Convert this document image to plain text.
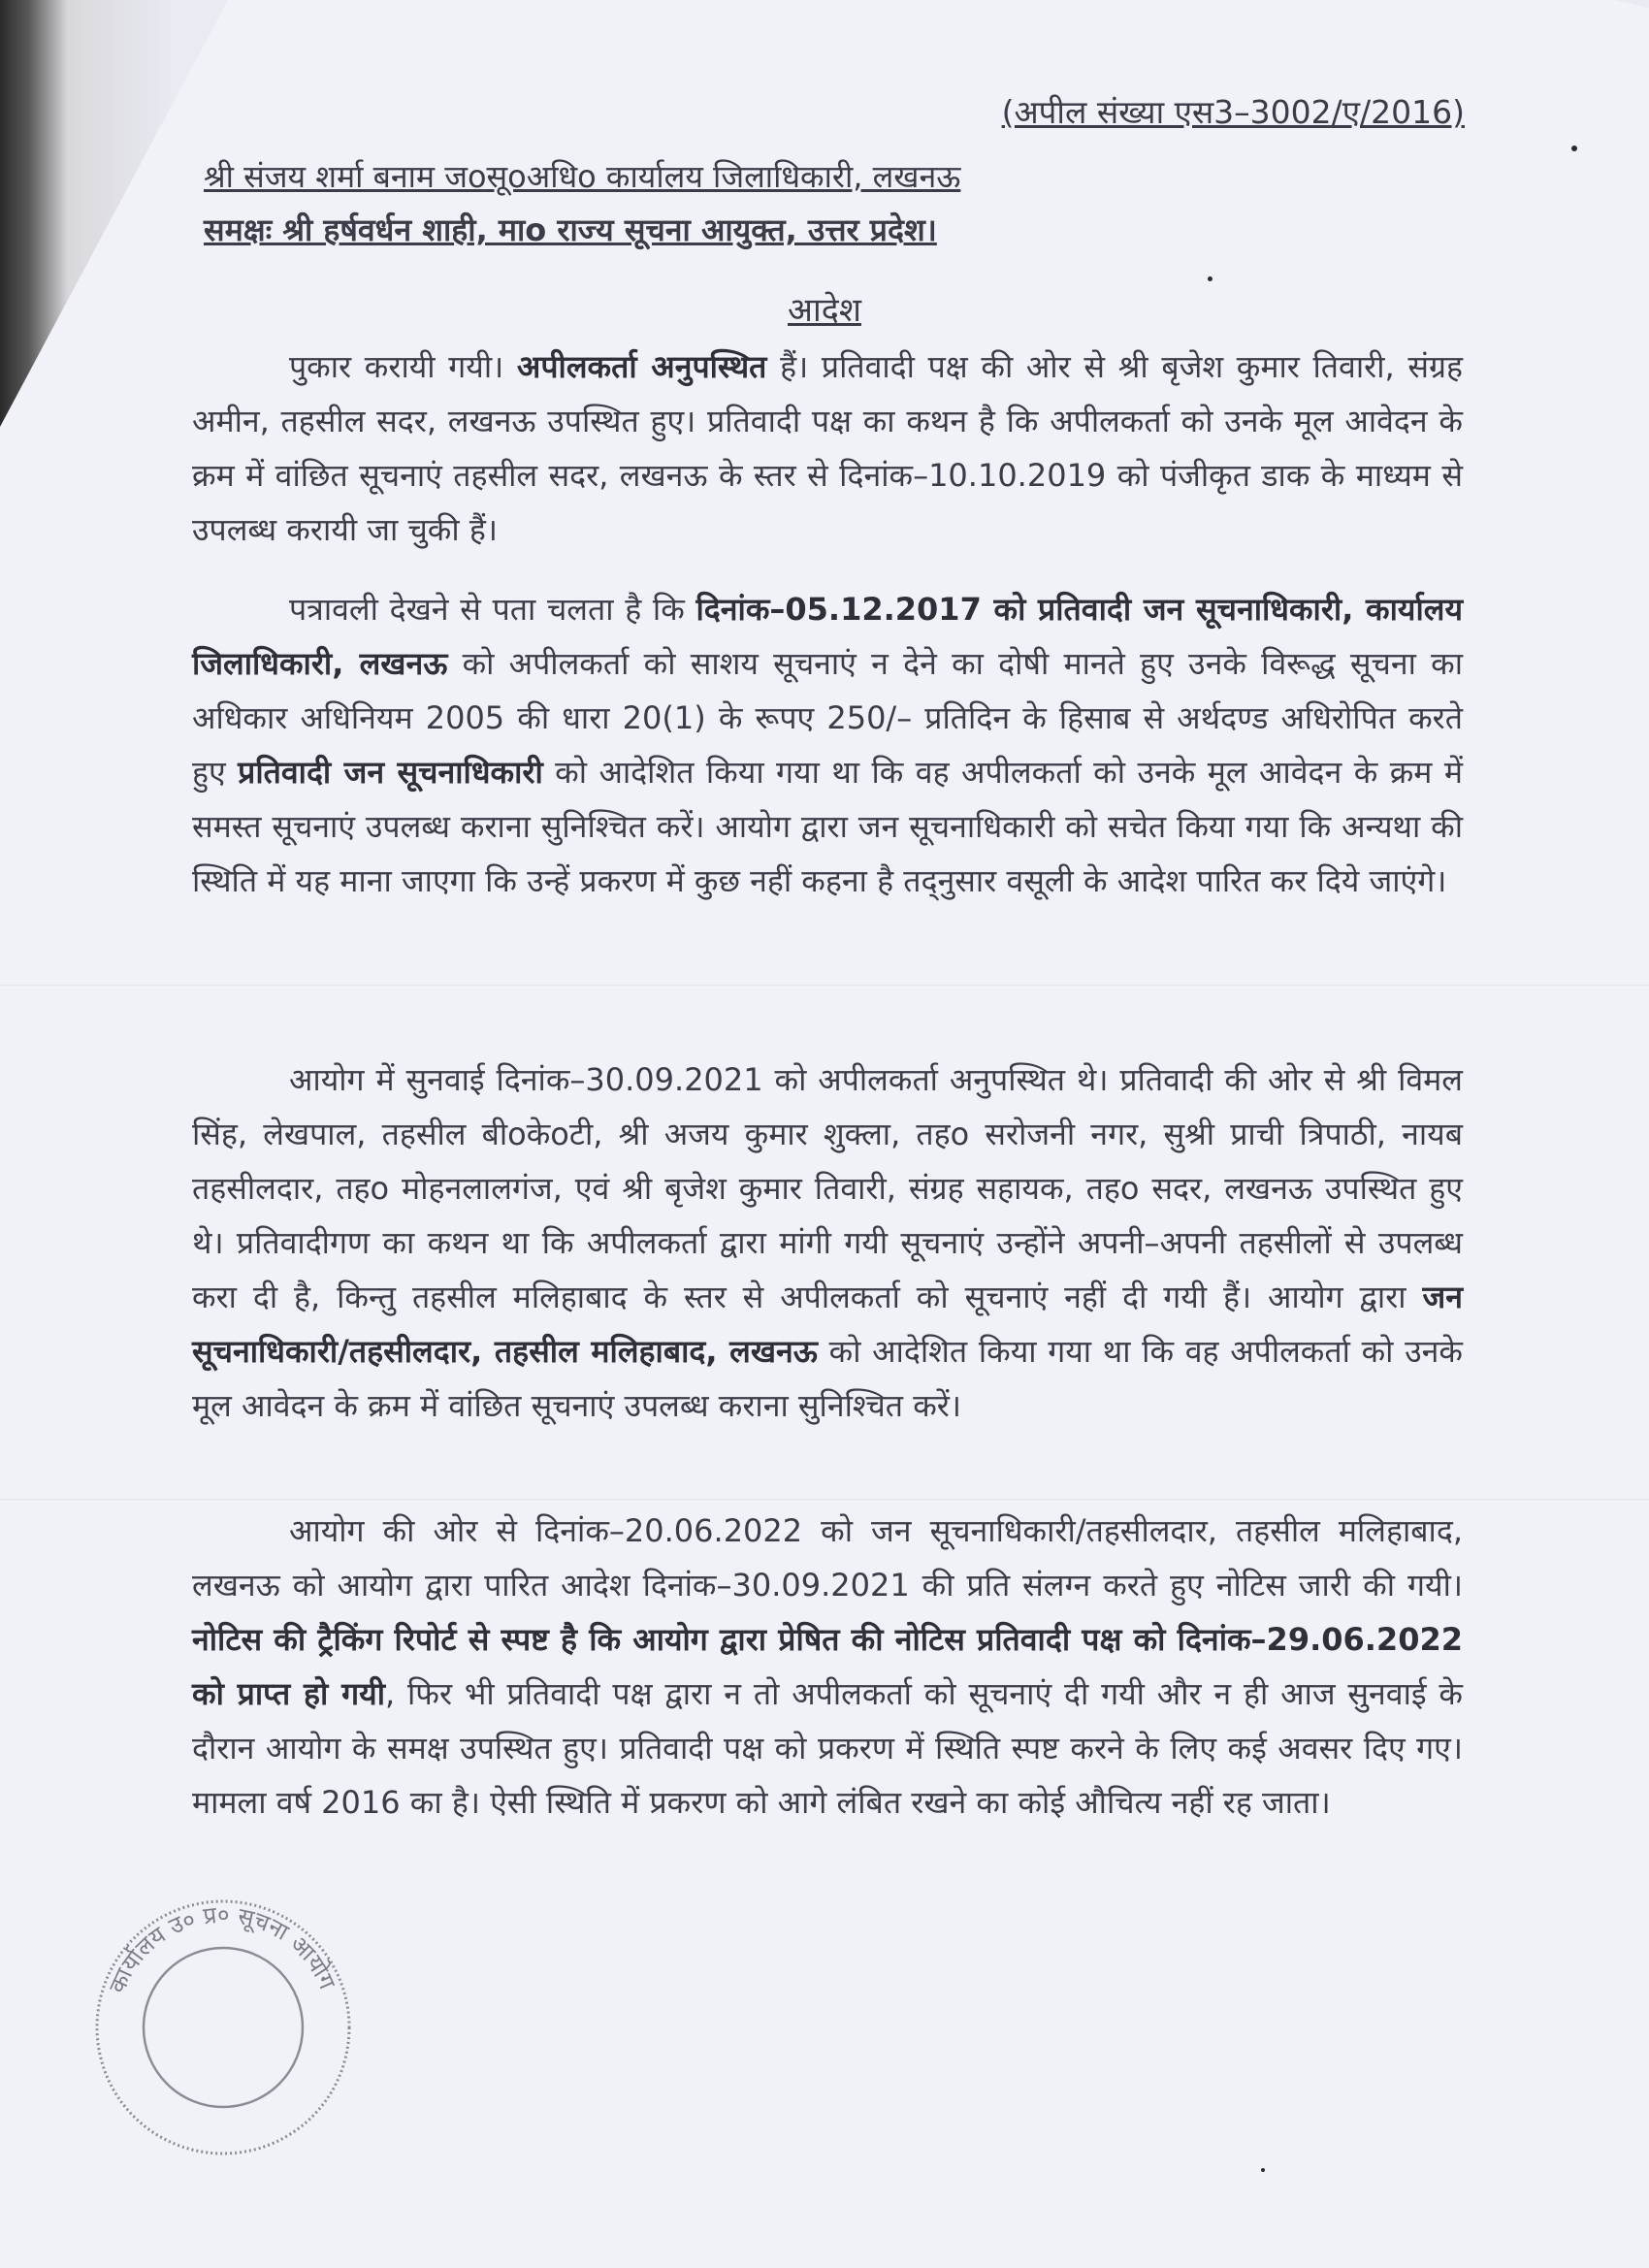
(अपील संख्या एस3–3002/ए/2016)
श्री संजय शर्मा बनाम जoसूoअधिo कार्यालय जिलाधिकारी, लखनऊ
समक्षः श्री हर्षवर्धन शाही, माo राज्य सूचना आयुक्त, उत्तर प्रदेश।
आदेश
पुकार करायी गयी। अपीलकर्ता अनुपस्थित हैं। प्रतिवादी पक्ष की ओर से श्री बृजेश कुमार तिवारी, संग्रह अमीन, तहसील सदर, लखनऊ उपस्थित हुए। प्रतिवादी पक्ष का कथन है कि अपीलकर्ता को उनके मूल आवेदन के क्रम में वांछित सूचनाएं तहसील सदर, लखनऊ के स्तर से दिनांक–10.10.2019 को पंजीकृत डाक के माध्यम से उपलब्ध करायी जा चुकी हैं।
पत्रावली देखने से पता चलता है कि दिनांक–05.12.2017 को प्रतिवादी जन सूचनाधिकारी, कार्यालय जिलाधिकारी, लखनऊ को अपीलकर्ता को साशय सूचनाएं न देने का दोषी मानते हुए उनके विरूद्ध सूचना का अधिकार अधिनियम 2005 की धारा 20(1) के रूपए 250/– प्रतिदिन के हिसाब से अर्थदण्ड अधिरोपित करते हुए प्रतिवादी जन सूचनाधिकारी को आदेशित किया गया था कि वह अपीलकर्ता को उनके मूल आवेदन के क्रम में समस्त सूचनाएं उपलब्ध कराना सुनिश्चित करें। आयोग द्वारा जन सूचनाधिकारी को सचेत किया गया कि अन्यथा की स्थिति में यह माना जाएगा कि उन्हें प्रकरण में कुछ नहीं कहना है तद्नुसार वसूली के आदेश पारित कर दिये जाएंगे।
आयोग में सुनवाई दिनांक–30.09.2021 को अपीलकर्ता अनुपस्थित थे। प्रतिवादी की ओर से श्री विमल सिंह, लेखपाल, तहसील बीoकेoटी, श्री अजय कुमार शुक्ला, तहo सरोजनी नगर, सुश्री प्राची त्रिपाठी, नायब तहसीलदार, तहo मोहनलालगंज, एवं श्री बृजेश कुमार तिवारी, संग्रह सहायक, तहo सदर, लखनऊ उपस्थित हुए थे। प्रतिवादीगण का कथन था कि अपीलकर्ता द्वारा मांगी गयी सूचनाएं उन्होंने अपनी–अपनी तहसीलों से उपलब्ध करा दी है, किन्तु तहसील मलिहाबाद के स्तर से अपीलकर्ता को सूचनाएं नहीं दी गयी हैं। आयोग द्वारा जन सूचनाधिकारी/तहसीलदार, तहसील मलिहाबाद, लखनऊ को आदेशित किया गया था कि वह अपीलकर्ता को उनके मूल आवेदन के क्रम में वांछित सूचनाएं उपलब्ध कराना सुनिश्चित करें।
आयोग की ओर से दिनांक–20.06.2022 को जन सूचनाधिकारी/तहसीलदार, तहसील मलिहाबाद, लखनऊ को आयोग द्वारा पारित आदेश दिनांक–30.09.2021 की प्रति संलग्न करते हुए नोटिस जारी की गयी। नोटिस की ट्रैकिंग रिपोर्ट से स्पष्ट है कि आयोग द्वारा प्रेषित की नोटिस प्रतिवादी पक्ष को दिनांक–29.06.2022 को प्राप्त हो गयी, फिर भी प्रतिवादी पक्ष द्वारा न तो अपीलकर्ता को सूचनाएं दी गयी और न ही आज सुनवाई के दौरान आयोग के समक्ष उपस्थित हुए। प्रतिवादी पक्ष को प्रकरण में स्थिति स्पष्ट करने के लिए कई अवसर दिए गए। मामला वर्ष 2016 का है। ऐसी स्थिति में प्रकरण को आगे लंबित रखने का कोई औचित्य नहीं रह जाता।
कार्यालय उ० प्र० सूचना आयोग
